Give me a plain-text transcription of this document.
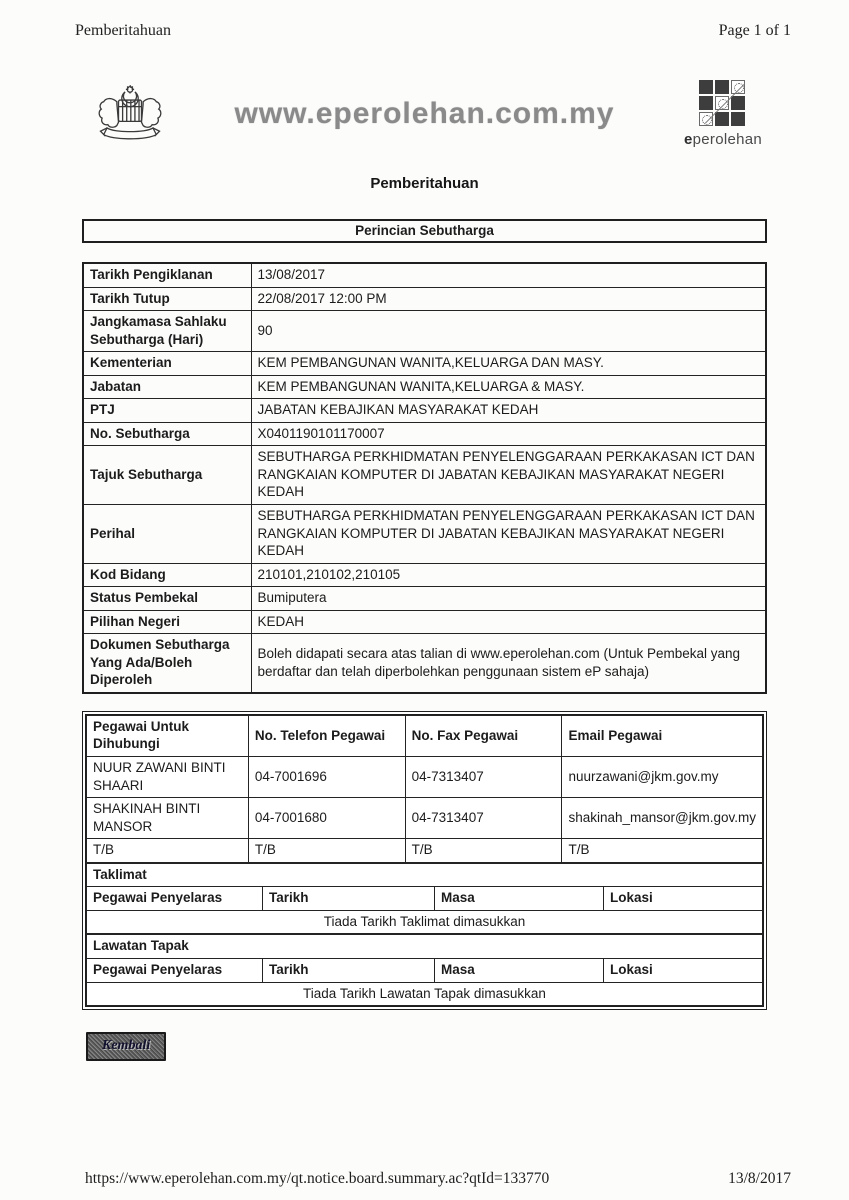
Pemberitahuan	Page 1 of 1
www.eperolehan.com.my
eperolehan
Pemberitahuan
Perincian Sebutharga
Tarikh Pengiklanan	13/08/2017
Tarikh Tutup	22/08/2017 12:00 PM
Jangkamasa Sahlaku Sebutharga (Hari)	90
Kementerian	KEM PEMBANGUNAN WANITA,KELUARGA DAN MASY.
Jabatan	KEM PEMBANGUNAN WANITA,KELUARGA & MASY.
PTJ	JABATAN KEBAJIKAN MASYARAKAT KEDAH
No. Sebutharga	X0401190101170007
Tajuk Sebutharga	SEBUTHARGA PERKHIDMATAN PENYELENGGARAAN PERKAKASAN ICT DAN RANGKAIAN KOMPUTER DI JABATAN KEBAJIKAN MASYARAKAT NEGERI KEDAH
Perihal	SEBUTHARGA PERKHIDMATAN PENYELENGGARAAN PERKAKASAN ICT DAN RANGKAIAN KOMPUTER DI JABATAN KEBAJIKAN MASYARAKAT NEGERI KEDAH
Kod Bidang	210101,210102,210105
Status Pembekal	Bumiputera
Pilihan Negeri	KEDAH
Dokumen Sebutharga Yang Ada/Boleh Diperoleh	Boleh didapati secara atas talian di www.eperolehan.com (Untuk Pembekal yang berdaftar dan telah diperbolehkan penggunaan sistem eP sahaja)
Pegawai Untuk Dihubungi	No. Telefon Pegawai	No. Fax Pegawai	Email Pegawai
NUUR ZAWANI BINTI SHAARI	04-7001696	04-7313407	nuurzawani@jkm.gov.my
SHAKINAH BINTI MANSOR	04-7001680	04-7313407	shakinah_mansor@jkm.gov.my
T/B	T/B	T/B	T/B
Taklimat
Pegawai Penyelaras	Tarikh	Masa	Lokasi
Tiada Tarikh Taklimat dimasukkan
Lawatan Tapak
Pegawai Penyelaras	Tarikh	Masa	Lokasi
Tiada Tarikh Lawatan Tapak dimasukkan
Kembali
https://www.eperolehan.com.my/qt.notice.board.summary.ac?qtId=133770	13/8/2017
